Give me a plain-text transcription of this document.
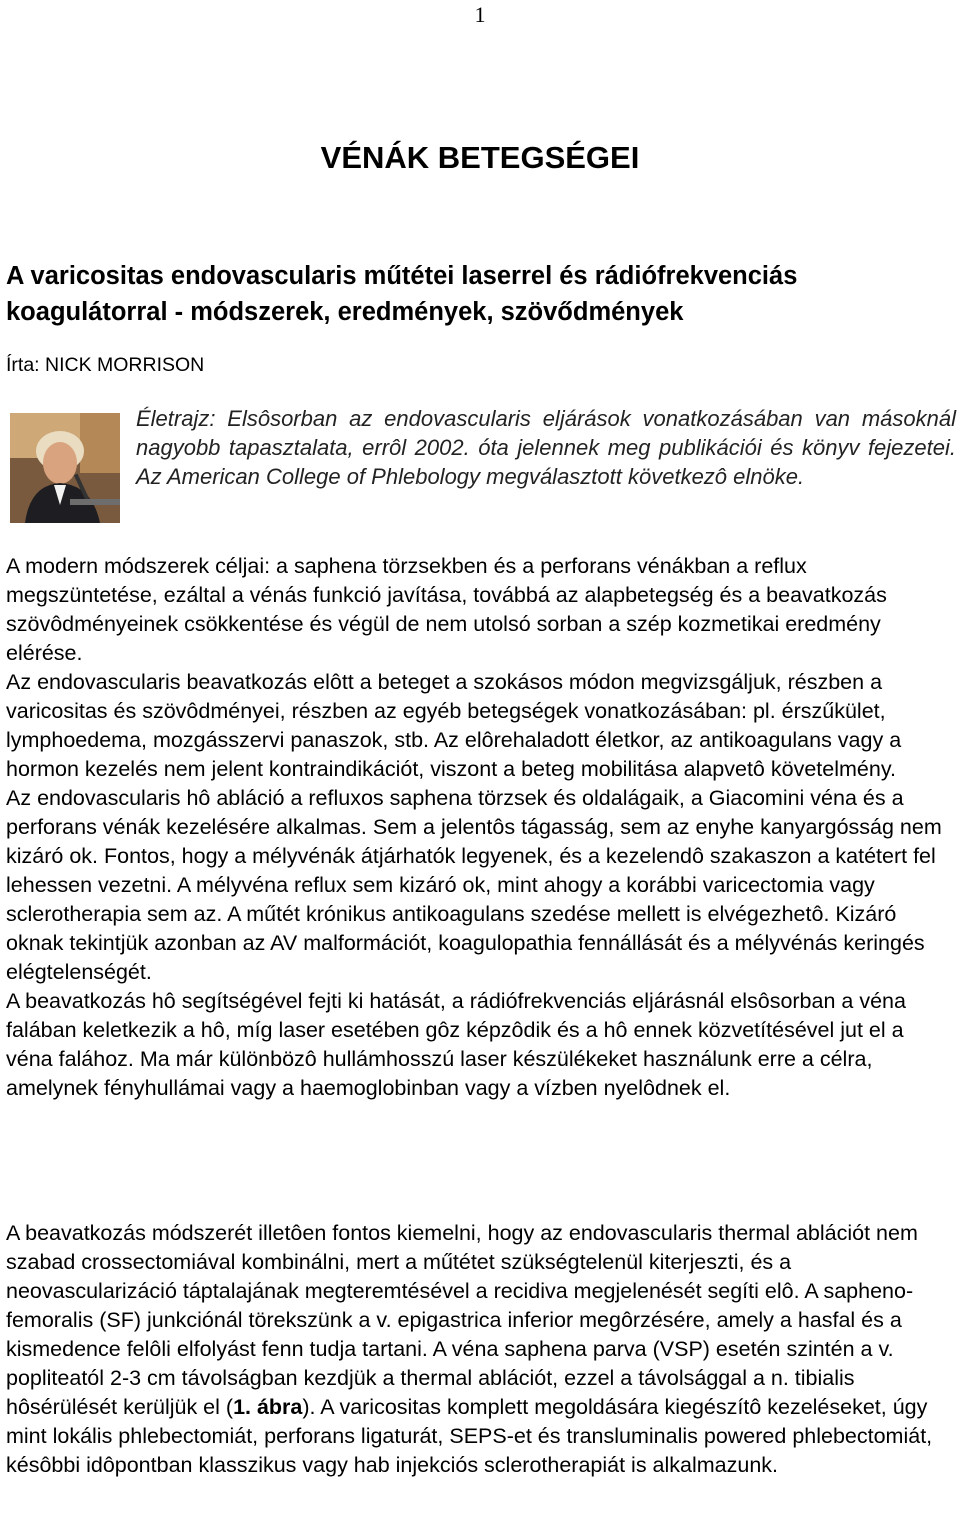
1
VÉNÁK BETEGSÉGEI
A varicositas endovascularis műtétei laserrel és rádiófrekvenciás koagulátorral - módszerek, eredmények, szövődmények
Írta: NICK MORRISON

Életrajz: Elsôsorban az endovascularis eljárások vonatkozásában van másoknál nagyobb tapasztalata, errôl 2002. óta jelennek meg publikációi és könyv fejezetei. Az American College of Phlebology megválasztott következô elnöke.

A modern módszerek céljai: a saphena törzsekben és a perforans vénákban a reflux megszüntetése, ezáltal a vénás funkció javítása, továbbá az alapbetegség és a beavatkozás szövôdményeinek csökkentése és végül de nem utolsó sorban a szép kozmetikai eredmény elérése.

Az endovascularis beavatkozás elôtt a beteget a szokásos módon megvizsgáljuk, részben a varicositas és szövôdményei, részben az egyéb betegségek vonatkozásában: pl. érszűkület, lymphoedema, mozgásszervi panaszok, stb. Az elôrehaladott életkor, az antikoagulans vagy a hormon kezelés nem jelent kontraindikációt, viszont a beteg mobilitása alapvetô követelmény.

Az endovascularis hô abláció a refluxos saphena törzsek és oldalágaik, a Giacomini véna és a perforans vénák kezelésére alkalmas. Sem a jelentôs tágasság, sem az enyhe kanyargósság nem kizáró ok. Fontos, hogy a mélyvénák átjárhatók legyenek, és a kezelendô szakaszon a katétert fel lehessen vezetni. A mélyvéna reflux sem kizáró ok, mint ahogy a korábbi varicectomia vagy sclerotherapia sem az. A műtét krónikus antikoagulans szedése mellett is elvégezhetô. Kizáró oknak tekintjük azonban az AV malformációt, koagulopathia fennállását és a mélyvénás keringés elégtelenségét.

A beavatkozás hô segítségével fejti ki hatását, a rádiófrekvenciás eljárásnál elsôsorban a véna falában keletkezik a hô, míg laser esetében gôz képzôdik és a hô ennek közvetítésével jut el a véna falához. Ma már különbözô hullámhosszú laser készülékeket használunk erre a célra, amelynek fényhullámai vagy a haemoglobinban vagy a vízben nyelôdnek el.

A beavatkozás módszerét illetôen fontos kiemelni, hogy az endovascularis thermal ablációt nem szabad crossectomiával kombinálni, mert a műtétet szükségtelenül kiterjeszti, és a neovascularizáció táptalajának megteremtésével a recidiva megjelenését segíti elô. A sapheno-femoralis (SF) junkciónál törekszünk a v. epigastrica inferior megôrzésére, amely a hasfal és a kismedence felôli elfolyást fenn tudja tartani. A véna saphena parva (VSP) esetén szintén a v. popliteatól 2-3 cm távolságban kezdjük a thermal ablációt, ezzel a távolsággal a n. tibialis hôsérülését kerüljük el (1. ábra). A varicositas komplett megoldására kiegészítô kezeléseket, úgy mint lokális phlebectomiát, perforans ligaturát, SEPS-et és transluminalis powered phlebectomiát, késôbbi idôpontban klasszikus vagy hab injekciós sclerotherapiát is alkalmazunk.
